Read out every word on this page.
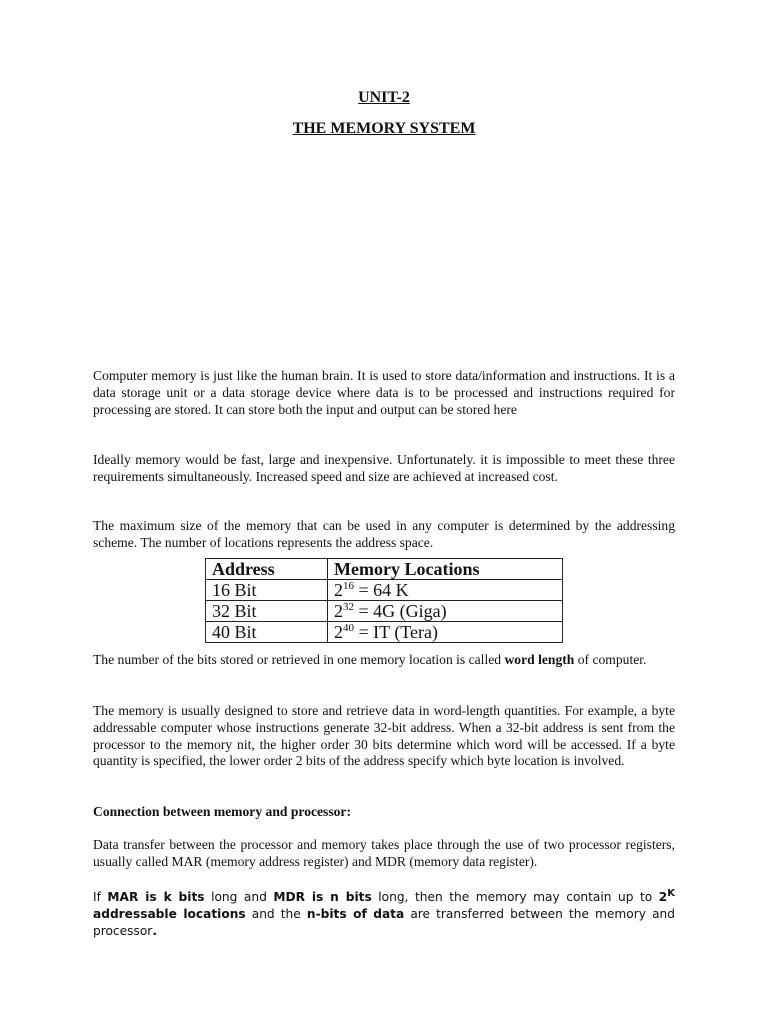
UNIT-2
THE MEMORY SYSTEM
Computer memory is just like the human brain. It is used to store data/information and instructions. It is a data storage unit or a data storage device where data is to be processed and instructions required for processing are stored. It can store both the input and output can be stored here
Ideally memory would be fast, large and inexpensive. Unfortunately. it is impossible to meet these three requirements simultaneously. Increased speed and size are achieved at increased cost.
The maximum size of the memory that can be used in any computer is determined by the addressing scheme. The number of locations represents the address space.
Address	Memory Locations
16 Bit	$2^{16} = 64$ K
32 Bit	$2^{32} = 4G$ (Giga)
40 Bit	$2^{40}$ = IT (Tera)
The number of the bits stored or retrieved in one memory location is called word length of computer.
The memory is usually designed to store and retrieve data in word-length quantities. For example, a byte addressable computer whose instructions generate 32-bit address. When a 32-bit address is sent from the processor to the memory nit, the higher order 30 bits determine which word will be accessed. If a byte quantity is specified, the lower order 2 bits of the address specify which byte location is involved.
Connection between memory and processor:
Data transfer between the processor and memory takes place through the use of two processor registers, usually called MAR (memory address register) and MDR (memory data register).
If MAR is k bits long and MDR is n bits long, then the memory may contain up to $2^K$ addressable locations and the n-bits of data are transferred between the memory and processor.
